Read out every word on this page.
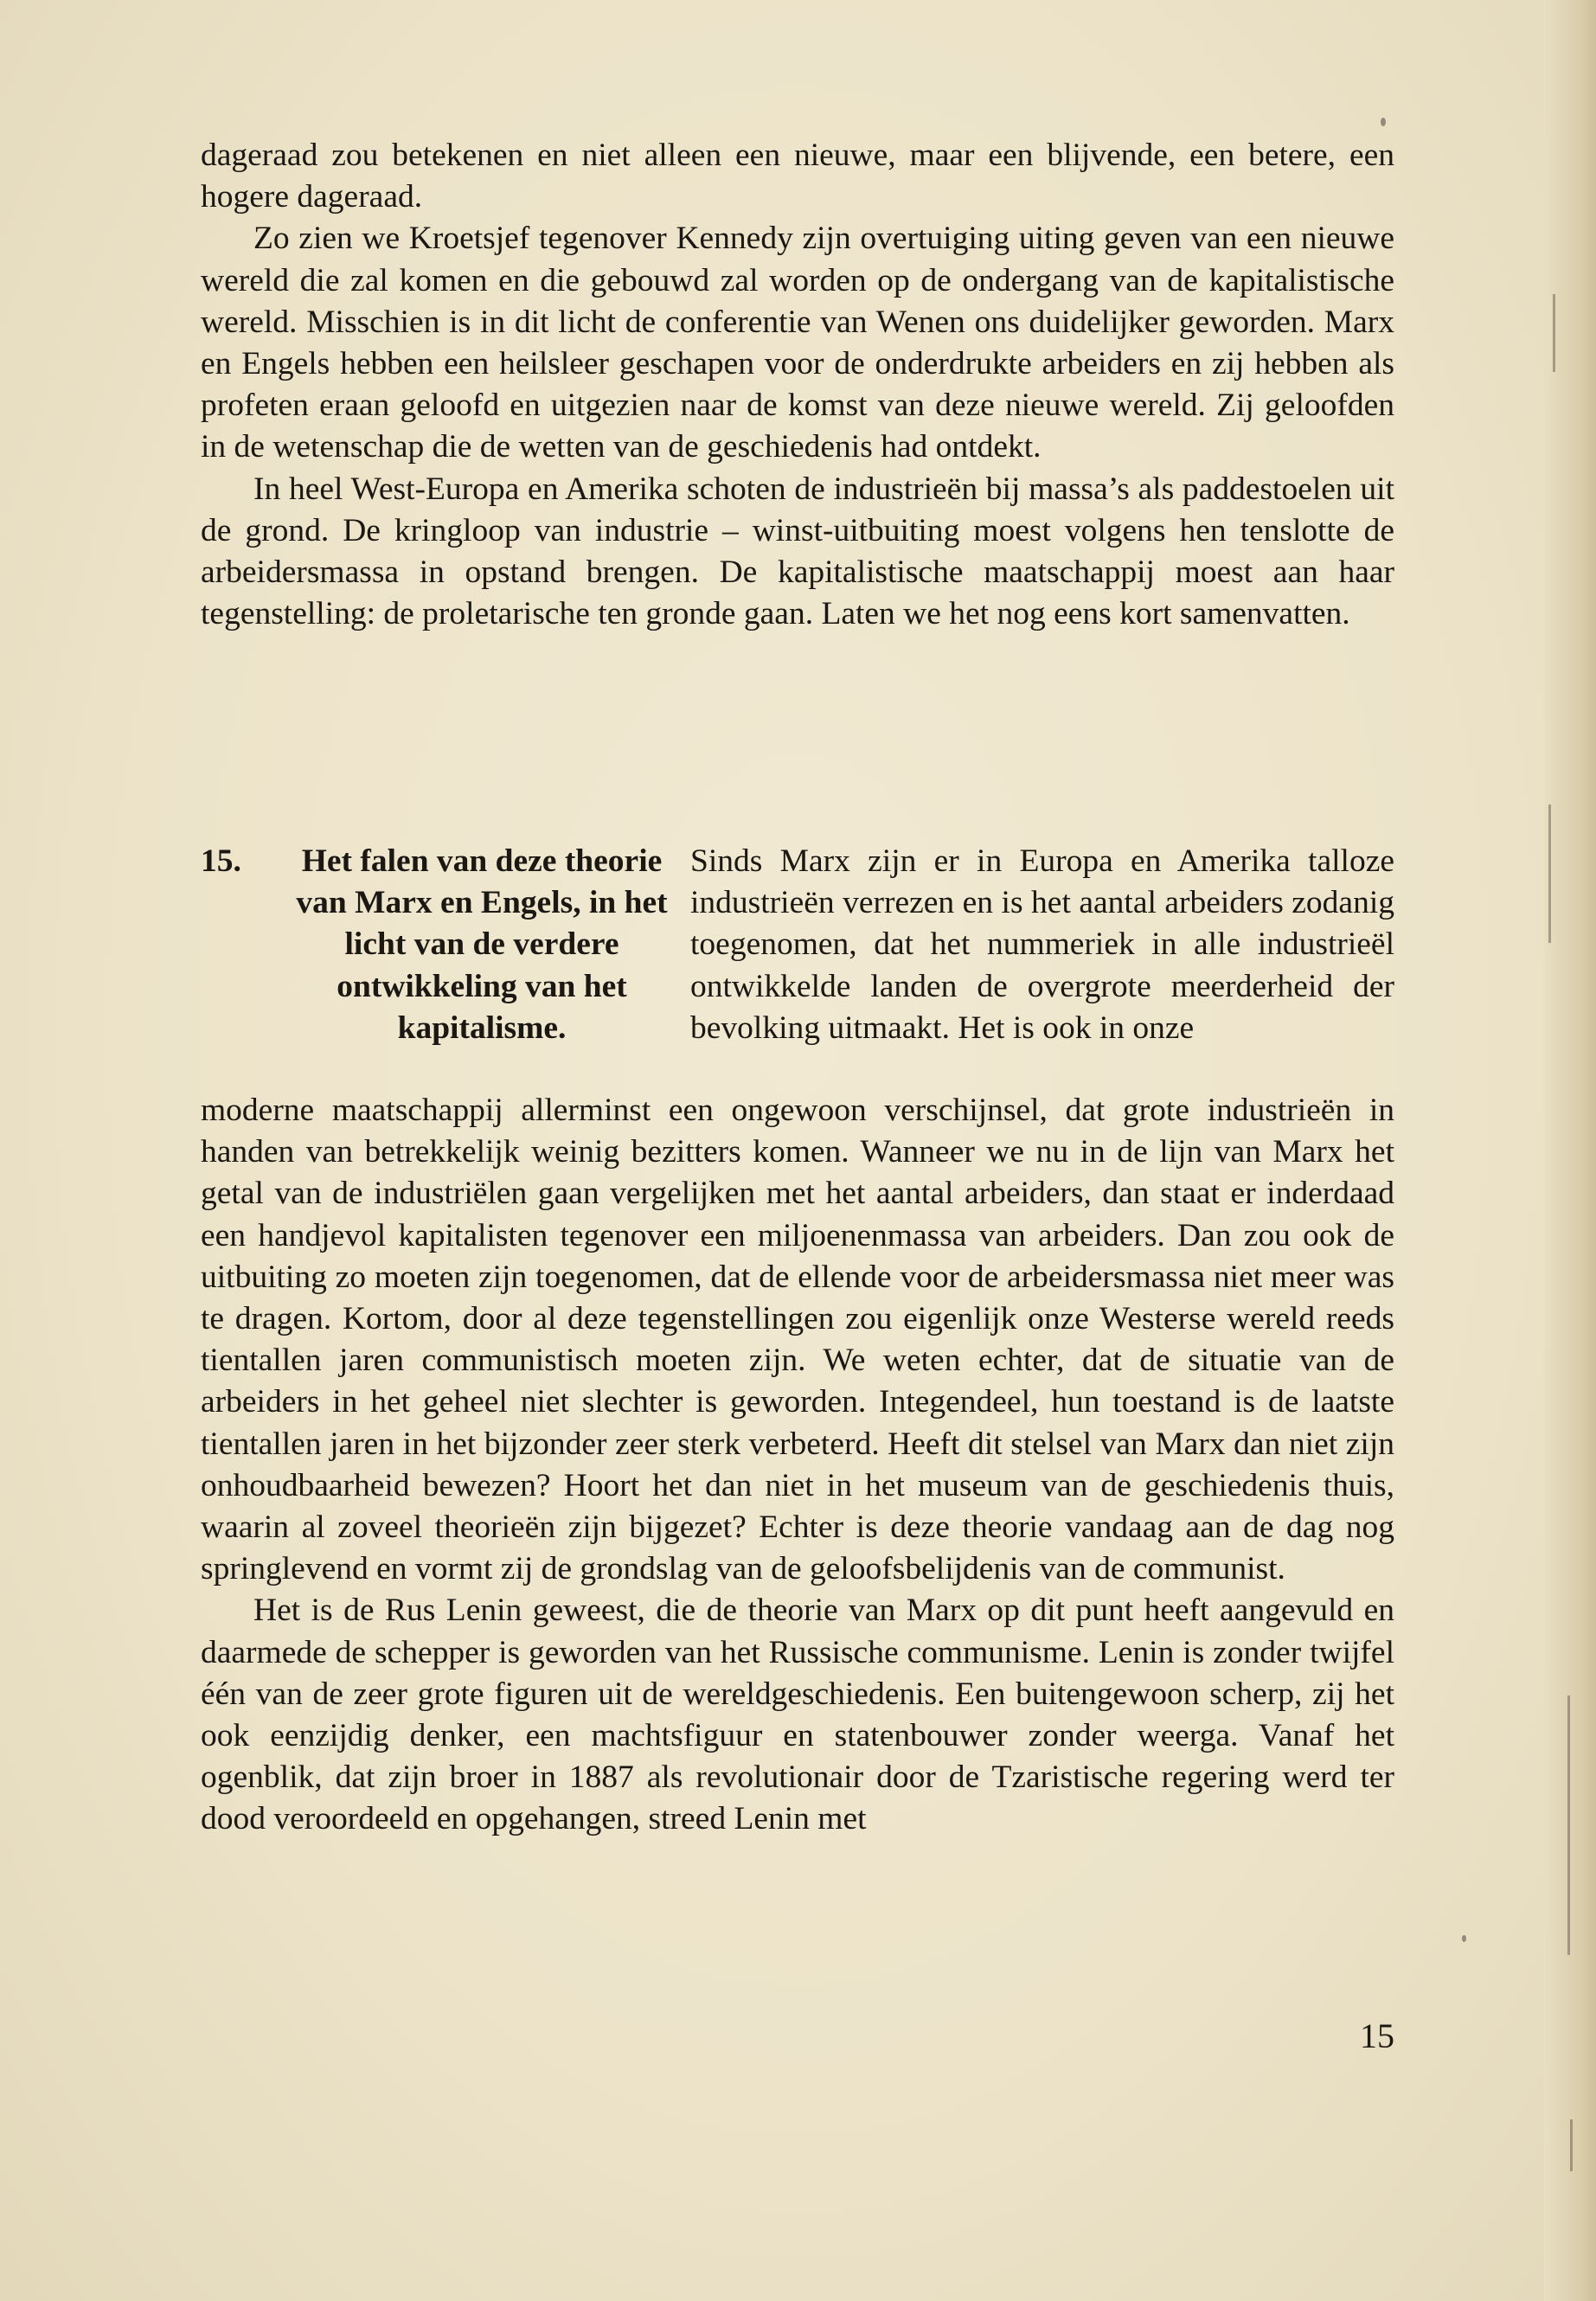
dageraad zou betekenen en niet alleen een nieuwe, maar een blijvende, een betere, een hogere dageraad.

Zo zien we Kroetsjef tegenover Kennedy zijn overtuiging uiting geven van een nieuwe wereld die zal komen en die gebouwd zal worden op de ondergang van de kapitalistische wereld. Misschien is in dit licht de conferentie van Wenen ons duidelijker geworden. Marx en Engels hebben een heilsleer geschapen voor de onderdrukte arbeiders en zij hebben als profeten eraan geloofd en uitgezien naar de komst van deze nieuwe wereld. Zij geloofden in de wetenschap die de wetten van de geschiedenis had ontdekt.

In heel West-Europa en Amerika schoten de industrieën bij massa’s als paddestoelen uit de grond. De kringloop van industrie – winst-uitbuiting moest volgens hen tenslotte de arbeidersmassa in opstand brengen. De kapitalistische maatschappij moest aan haar tegenstelling: de proletarische ten gronde gaan. Laten we het nog eens kort samenvatten.

15.	Het falen van deze theorie van Marx en Engels, in het licht van de verdere ontwikkeling van het kapitalisme.

Sinds Marx zijn er in Europa en Amerika talloze industrieën verrezen en is het aantal arbeiders zodanig toegenomen, dat het nummeriek in alle industrieël ontwikkelde landen de overgrote meerderheid der bevolking uitmaakt. Het is ook in onze

moderne maatschappij allerminst een ongewoon verschijnsel, dat grote industrieën in handen van betrekkelijk weinig bezitters komen. Wanneer we nu in de lijn van Marx het getal van de industriëlen gaan vergelijken met het aantal arbeiders, dan staat er inderdaad een handjevol kapitalisten tegenover een miljoenenmassa van arbeiders. Dan zou ook de uitbuiting zo moeten zijn toegenomen, dat de ellende voor de arbeidersmassa niet meer was te dragen. Kortom, door al deze tegenstellingen zou eigenlijk onze Westerse wereld reeds tientallen jaren communistisch moeten zijn. We weten echter, dat de situatie van de arbeiders in het geheel niet slechter is geworden. Integendeel, hun toestand is de laatste tientallen jaren in het bijzonder zeer sterk verbeterd. Heeft dit stelsel van Marx dan niet zijn onhoudbaarheid bewezen? Hoort het dan niet in het museum van de geschiedenis thuis, waarin al zoveel theorieën zijn bijgezet? Echter is deze theorie vandaag aan de dag nog springlevend en vormt zij de grondslag van de geloofsbelijdenis van de communist.

Het is de Rus Lenin geweest, die de theorie van Marx op dit punt heeft aangevuld en daarmede de schepper is geworden van het Russische communisme. Lenin is zonder twijfel één van de zeer grote figuren uit de wereldgeschiedenis. Een buitengewoon scherp, zij het ook eenzijdig denker, een machtsfiguur en statenbouwer zonder weerga. Vanaf het ogenblik, dat zijn broer in 1887 als revolutionair door de Tzaristische regering werd ter dood veroordeeld en opgehangen, streed Lenin met

15
